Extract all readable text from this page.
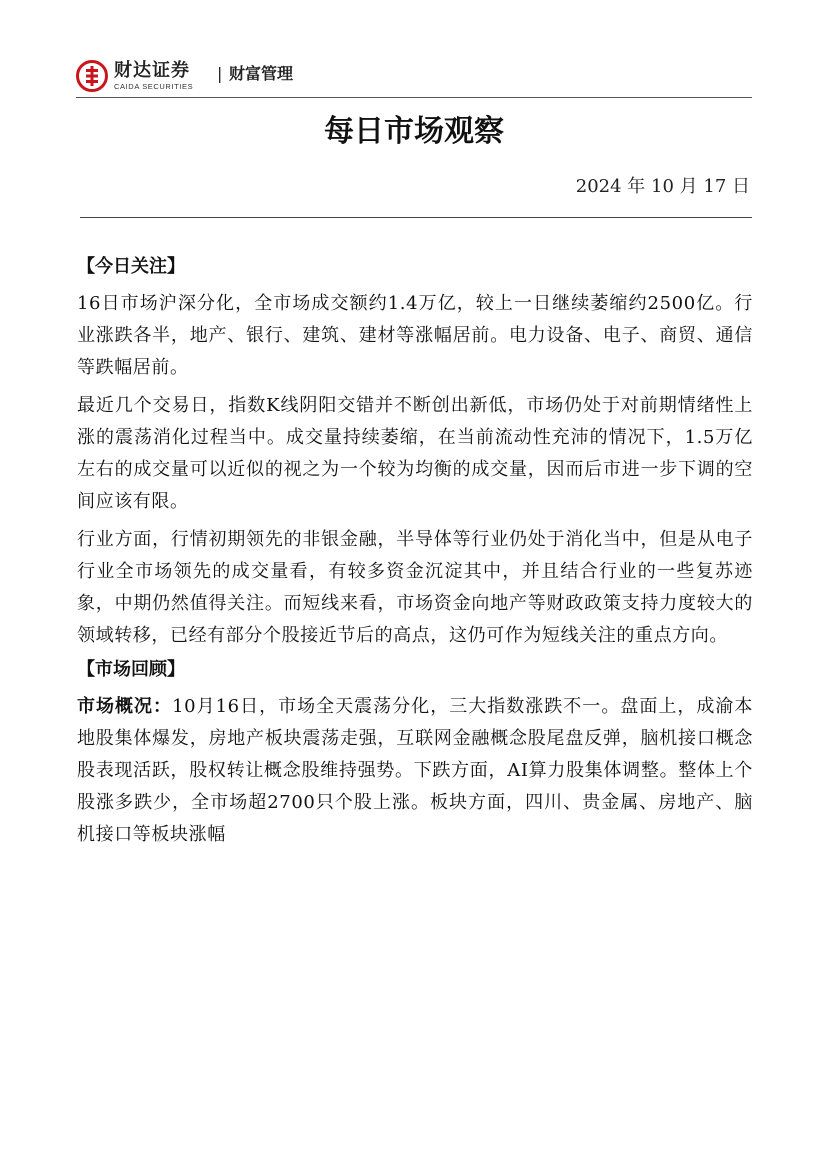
财达证券
CAIDA SECURITIES
| 财富管理
每日市场观察
2024 年 10 月 17 日
【今日关注】

16日市场沪深分化，全市场成交额约1.4万亿，较上一日继续萎缩约2500亿。行业涨跌各半，地产、银行、建筑、建材等涨幅居前。电力设备、电子、商贸、通信等跌幅居前。

最近几个交易日，指数K线阴阳交错并不断创出新低，市场仍处于对前期情绪性上涨的震荡消化过程当中。成交量持续萎缩，在当前流动性充沛的情况下，1.5万亿左右的成交量可以近似的视之为一个较为均衡的成交量，因而后市进一步下调的空间应该有限。

行业方面，行情初期领先的非银金融，半导体等行业仍处于消化当中，但是从电子行业全市场领先的成交量看，有较多资金沉淀其中，并且结合行业的一些复苏迹象，中期仍然值得关注。而短线来看，市场资金向地产等财政政策支持力度较大的领域转移，已经有部分个股接近节后的高点，这仍可作为短线关注的重点方向。

【市场回顾】

市场概况：10月16日，市场全天震荡分化，三大指数涨跌不一。盘面上，成渝本地股集体爆发，房地产板块震荡走强，互联网金融概念股尾盘反弹，脑机接口概念股表现活跃，股权转让概念股维持强势。下跌方面，AI算力股集体调整。整体上个股涨多跌少，全市场超2700只个股上涨。板块方面，四川、贵金属、房地产、脑机接口等板块涨幅
